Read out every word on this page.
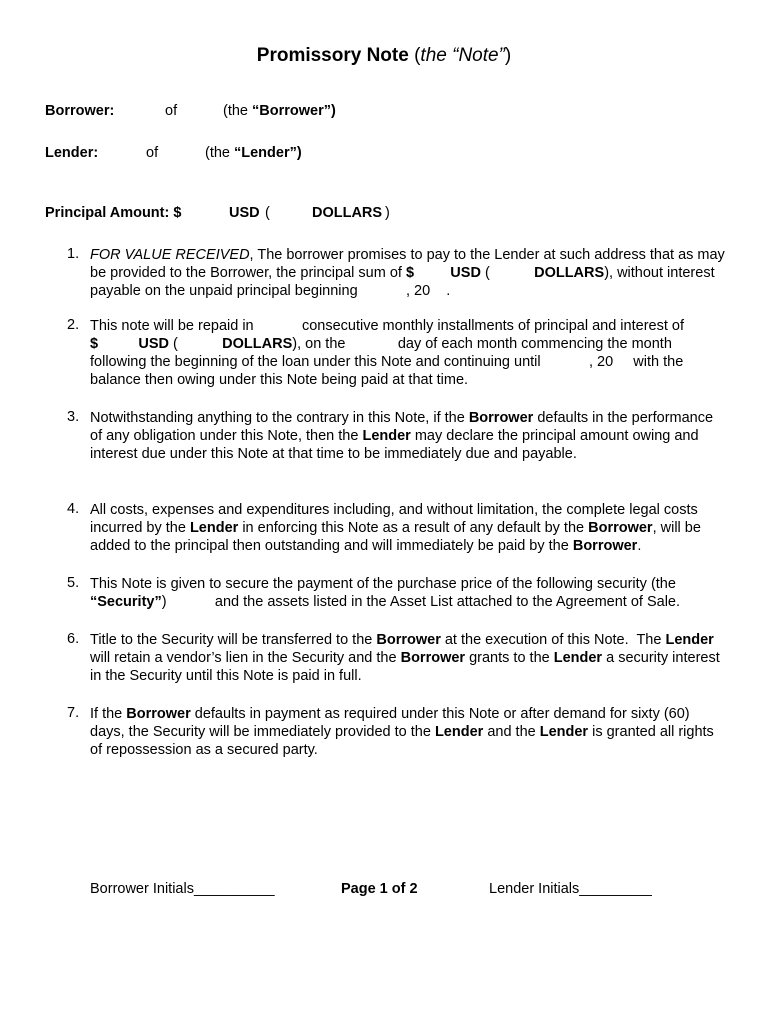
Promissory Note (the “Note”)
Borrower:	of	(the “Borrower”)
Lender:	of	(the “Lender”)
Principal Amount: $	USD (	DOLLARS )
1. FOR VALUE RECEIVED, The borrower promises to pay to the Lender at such address that as may be provided to the Borrower, the principal sum of $	USD (           DOLLARS), without interest payable on the unpaid principal beginning            , 20    .
2. This note will be repaid in            consecutive monthly installments of principal and interest of $	USD (           DOLLARS), on the             day of each month commencing the month following the beginning of the loan under this Note and continuing until            , 20     with the balance then owing under this Note being paid at that time.
3. Notwithstanding anything to the contrary in this Note, if the Borrower defaults in the performance of any obligation under this Note, then the Lender may declare the principal amount owing and interest due under this Note at that time to be immediately due and payable.
4. All costs, expenses and expenditures including, and without limitation, the complete legal costs incurred by the Lender in enforcing this Note as a result of any default by the Borrower, will be added to the principal then outstanding and will immediately be paid by the Borrower.
5. This Note is given to secure the payment of the purchase price of the following security (the “Security”)            and the assets listed in the Asset List attached to the Agreement of Sale.
6. Title to the Security will be transferred to the Borrower at the execution of this Note.  The Lender will retain a vendor’s lien in the Security and the Borrower grants to the Lender a security interest in the Security until this Note is paid in full.
7. If the Borrower defaults in payment as required under this Note or after demand for sixty (60) days, the Security will be immediately provided to the Lender and the Lender is granted all rights of repossession as a secured party.
Borrower Initials__________	Page 1 of 2	Lender Initials_________
